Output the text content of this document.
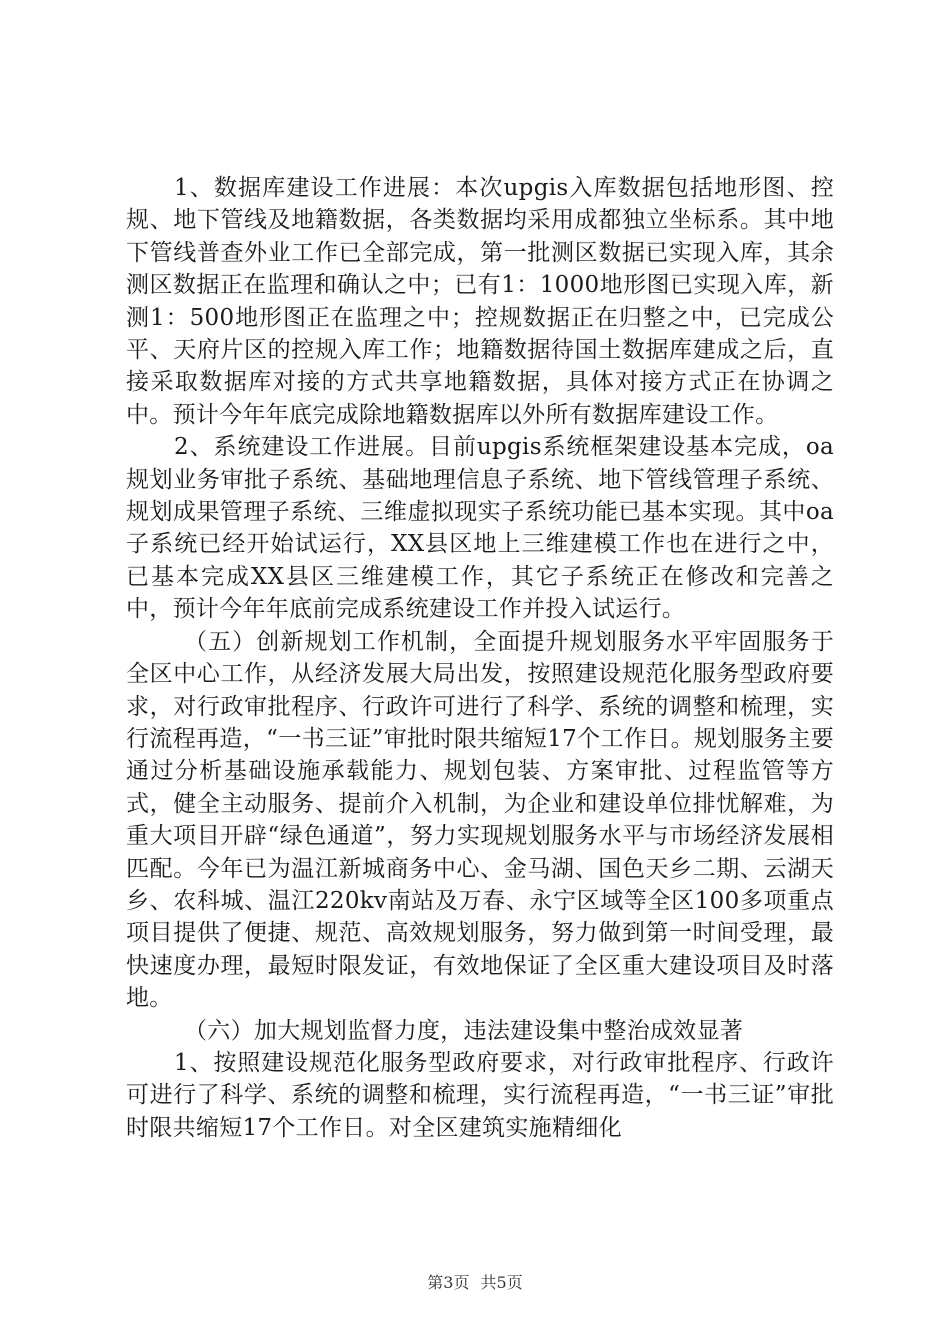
1、数据库建设工作进展：本次upgis入库数据包括地形图、控规、地下管线及地籍数据，各类数据均采用成都独立坐标系。其中地下管线普查外业工作已全部完成，第一批测区数据已实现入库，其余测区数据正在监理和确认之中；已有1：1000地形图已实现入库，新测1：500地形图正在监理之中；控规数据正在归整之中，已完成公平、天府片区的控规入库工作；地籍数据待国土数据库建成之后，直接采取数据库对接的方式共享地籍数据，具体对接方式正在协调之中。预计今年年底完成除地籍数据库以外所有数据库建设工作。

2、系统建设工作进展。目前upgis系统框架建设基本完成，oa规划业务审批子系统、基础地理信息子系统、地下管线管理子系统、规划成果管理子系统、三维虚拟现实子系统功能已基本实现。其中oa子系统已经开始试运行，XX县区地上三维建模工作也在进行之中，已基本完成XX县区三维建模工作，其它子系统正在修改和完善之中，预计今年年底前完成系统建设工作并投入试运行。

（五）创新规划工作机制，全面提升规划服务水平牢固服务于全区中心工作，从经济发展大局出发，按照建设规范化服务型政府要求，对行政审批程序、行政许可进行了科学、系统的调整和梳理，实行流程再造，“一书三证”审批时限共缩短17个工作日。规划服务主要通过分析基础设施承载能力、规划包装、方案审批、过程监管等方式，健全主动服务、提前介入机制，为企业和建设单位排忧解难，为重大项目开辟“绿色通道”，努力实现规划服务水平与市场经济发展相匹配。今年已为温江新城商务中心、金马湖、国色天乡二期、云湖天乡、农科城、温江220kv南站及万春、永宁区域等全区100多项重点项目提供了便捷、规范、高效规划服务，努力做到第一时间受理，最快速度办理，最短时限发证，有效地保证了全区重大建设项目及时落地。

（六）加大规划监督力度，违法建设集中整治成效显著

1、按照建设规范化服务型政府要求，对行政审批程序、行政许可进行了科学、系统的调整和梳理，实行流程再造，“一书三证”审批时限共缩短17个工作日。对全区建筑实施精细化

第3页 共5页
